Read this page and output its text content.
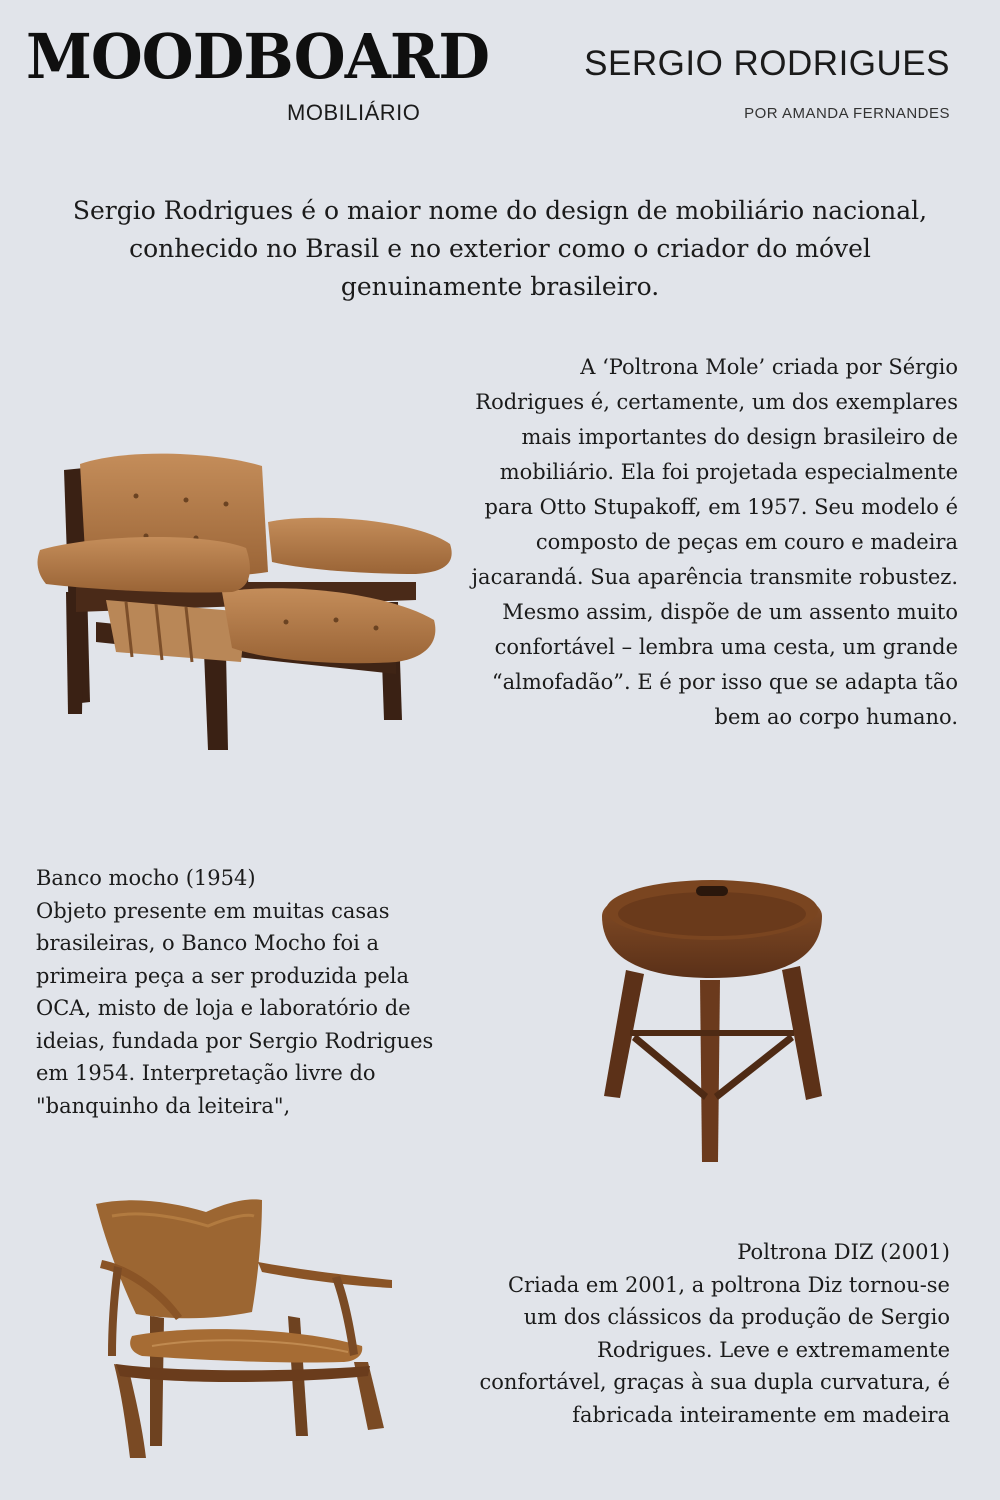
MOODBOARD
MOBILIÁRIO
SERGIO RODRIGUES
POR AMANDA FERNANDES
Sergio Rodrigues é o maior nome do design de mobiliário nacional, conhecido no Brasil e no exterior como o criador do móvel genuinamente brasileiro.
A ‘Poltrona Mole’ criada por Sérgio Rodrigues é, certamente, um dos exemplares mais importantes do design brasileiro de mobiliário. Ela foi projetada especialmente para Otto Stupakoff, em 1957. Seu modelo é composto de peças em couro e madeira jacarandá. Sua aparência transmite robustez. Mesmo assim, dispõe de um assento muito confortável – lembra uma cesta, um grande “almofadão”. E é por isso que se adapta tão bem ao corpo humano.
Banco mocho (1954)
Objeto presente em muitas casas brasileiras, o Banco Mocho foi a primeira peça a ser produzida pela OCA, misto de loja e laboratório de ideias, fundada por Sergio Rodrigues em 1954. Interpretação livre do "banquinho da leiteira",
Poltrona DIZ (2001)
Criada em 2001, a poltrona Diz tornou-se um dos clássicos da produção de Sergio Rodrigues. Leve e extremamente confortável, graças à sua dupla curvatura, é fabricada inteiramente em madeira
